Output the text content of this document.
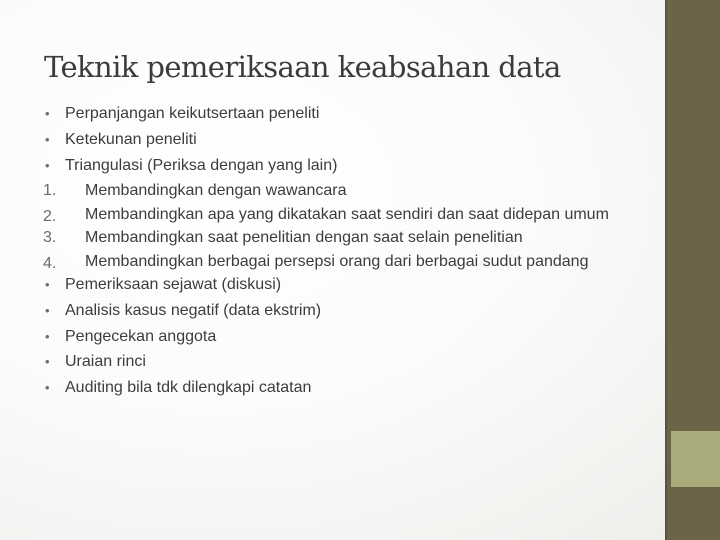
Teknik pemeriksaan keabsahan data
• Perpanjangan keikutsertaan peneliti
• Ketekunan peneliti
• Triangulasi (Periksa dengan yang lain)
1. Membandingkan dengan wawancara
2. Membandingkan apa yang dikatakan saat sendiri dan saat didepan umum
3. Membandingkan saat penelitian dengan saat selain penelitian
4. Membandingkan berbagai persepsi orang dari berbagai sudut pandang
• Pemeriksaan sejawat (diskusi)
• Analisis kasus negatif (data ekstrim)
• Pengecekan anggota
• Uraian rinci
• Auditing bila tdk dilengkapi catatan
